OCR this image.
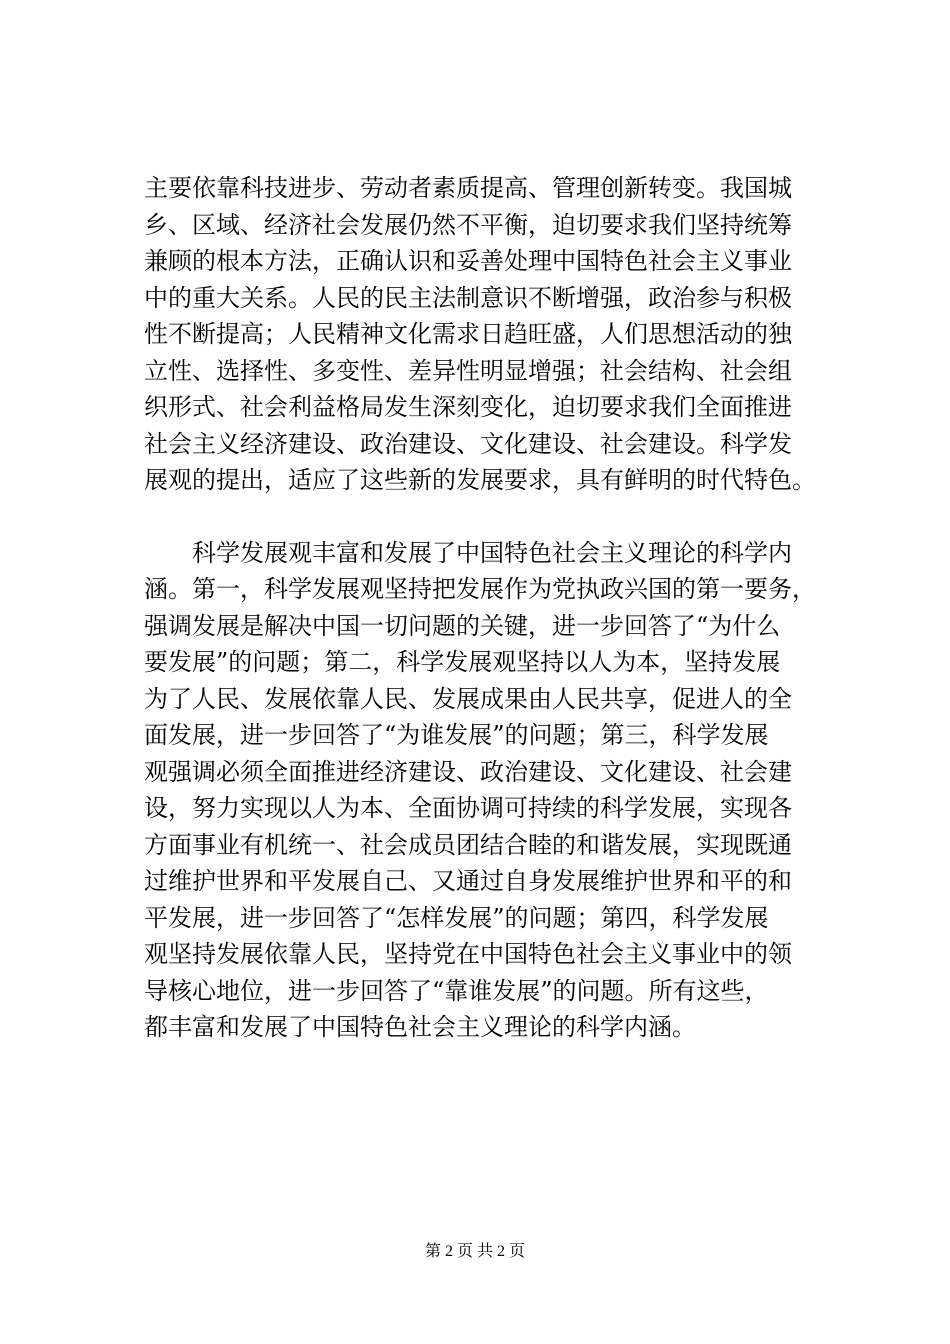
主要依靠科技进步、劳动者素质提高、管理创新转变。我国城
乡、区域、经济社会发展仍然不平衡，迫切要求我们坚持统筹
兼顾的根本方法，正确认识和妥善处理中国特色社会主义事业
中的重大关系。人民的民主法制意识不断增强，政治参与积极
性不断提高；人民精神文化需求日趋旺盛，人们思想活动的独
立性、选择性、多变性、差异性明显增强；社会结构、社会组
织形式、社会利益格局发生深刻变化，迫切要求我们全面推进
社会主义经济建设、政治建设、文化建设、社会建设。科学发
展观的提出，适应了这些新的发展要求，具有鲜明的时代特色。

　　科学发展观丰富和发展了中国特色社会主义理论的科学内
涵。第一，科学发展观坚持把发展作为党执政兴国的第一要务，
强调发展是解决中国一切问题的关键，进一步回答了“为什么
要发展”的问题；第二，科学发展观坚持以人为本，坚持发展
为了人民、发展依靠人民、发展成果由人民共享，促进人的全
面发展，进一步回答了“为谁发展”的问题；第三，科学发展
观强调必须全面推进经济建设、政治建设、文化建设、社会建
设，努力实现以人为本、全面协调可持续的科学发展，实现各
方面事业有机统一、社会成员团结合睦的和谐发展，实现既通
过维护世界和平发展自己、又通过自身发展维护世界和平的和
平发展，进一步回答了“怎样发展”的问题；第四，科学发展
观坚持发展依靠人民，坚持党在中国特色社会主义事业中的领
导核心地位，进一步回答了“靠谁发展”的问题。所有这些，
都丰富和发展了中国特色社会主义理论的科学内涵。

第 2 页 共 2 页
